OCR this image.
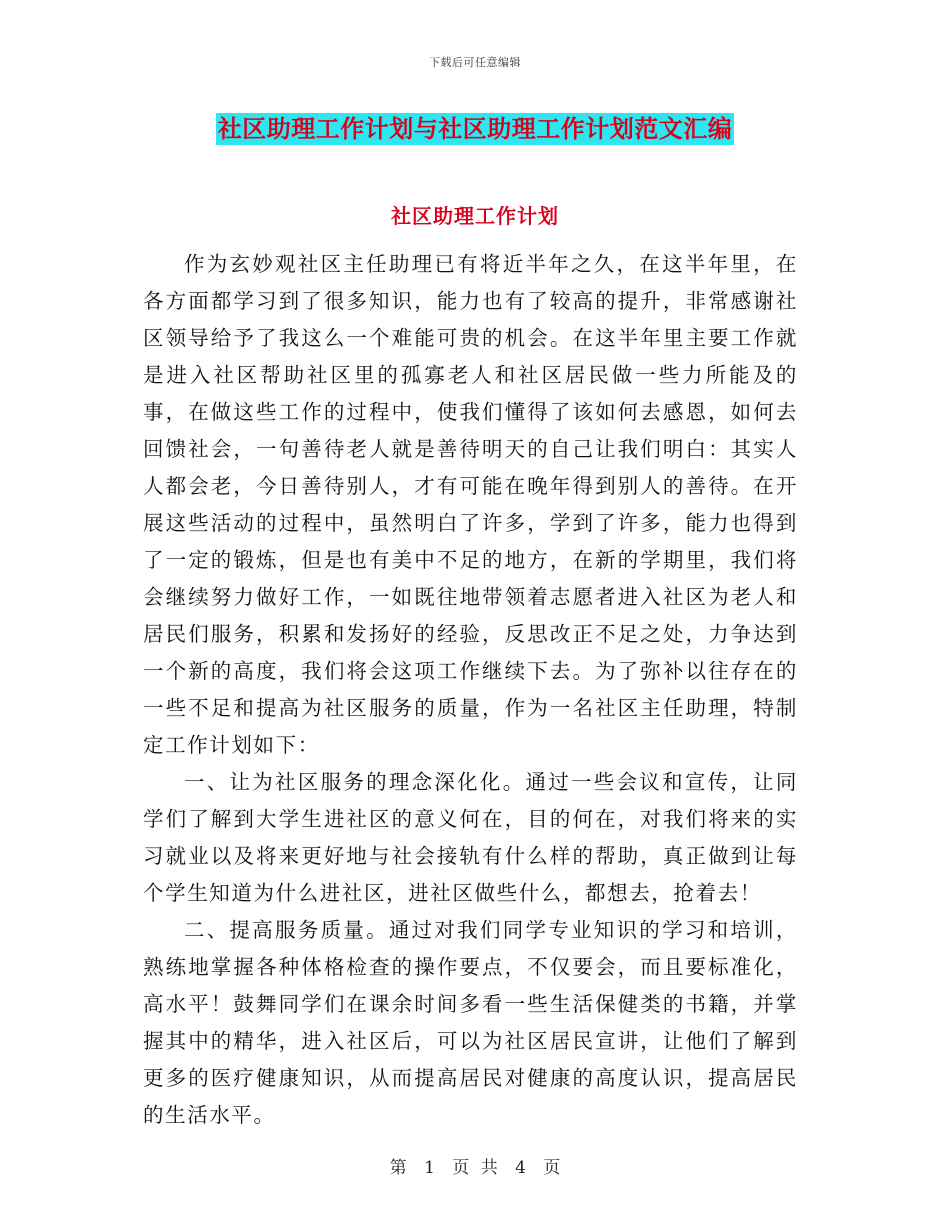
下载后可任意编辑
社区助理工作计划与社区助理工作计划范文汇编
社区助理工作计划

作为玄妙观社区主任助理已有将近半年之久，在这半年里，在各方面都学习到了很多知识，能力也有了较高的提升，非常感谢社区领导给予了我这么一个难能可贵的机会。在这半年里主要工作就是进入社区帮助社区里的孤寡老人和社区居民做一些力所能及的事，在做这些工作的过程中，使我们懂得了该如何去感恩，如何去回馈社会，一句善待老人就是善待明天的自己让我们明白：其实人人都会老，今日善待别人，才有可能在晚年得到别人的善待。在开展这些活动的过程中，虽然明白了许多，学到了许多，能力也得到了一定的锻炼，但是也有美中不足的地方，在新的学期里，我们将会继续努力做好工作，一如既往地带领着志愿者进入社区为老人和居民们服务，积累和发扬好的经验，反思改正不足之处，力争达到一个新的高度，我们将会这项工作继续下去。为了弥补以往存在的一些不足和提高为社区服务的质量，作为一名社区主任助理，特制定工作计划如下：

一、让为社区服务的理念深化化。通过一些会议和宣传，让同学们了解到大学生进社区的意义何在，目的何在，对我们将来的实习就业以及将来更好地与社会接轨有什么样的帮助，真正做到让每个学生知道为什么进社区，进社区做些什么，都想去，抢着去！

二、提高服务质量。通过对我们同学专业知识的学习和培训，熟练地掌握各种体格检查的操作要点，不仅要会，而且要标准化，高水平！鼓舞同学们在课余时间多看一些生活保健类的书籍，并掌握其中的精华，进入社区后，可以为社区居民宣讲，让他们了解到更多的医疗健康知识，从而提高居民对健康的高度认识，提高居民的生活水平。

第 1 页 共 4 页
